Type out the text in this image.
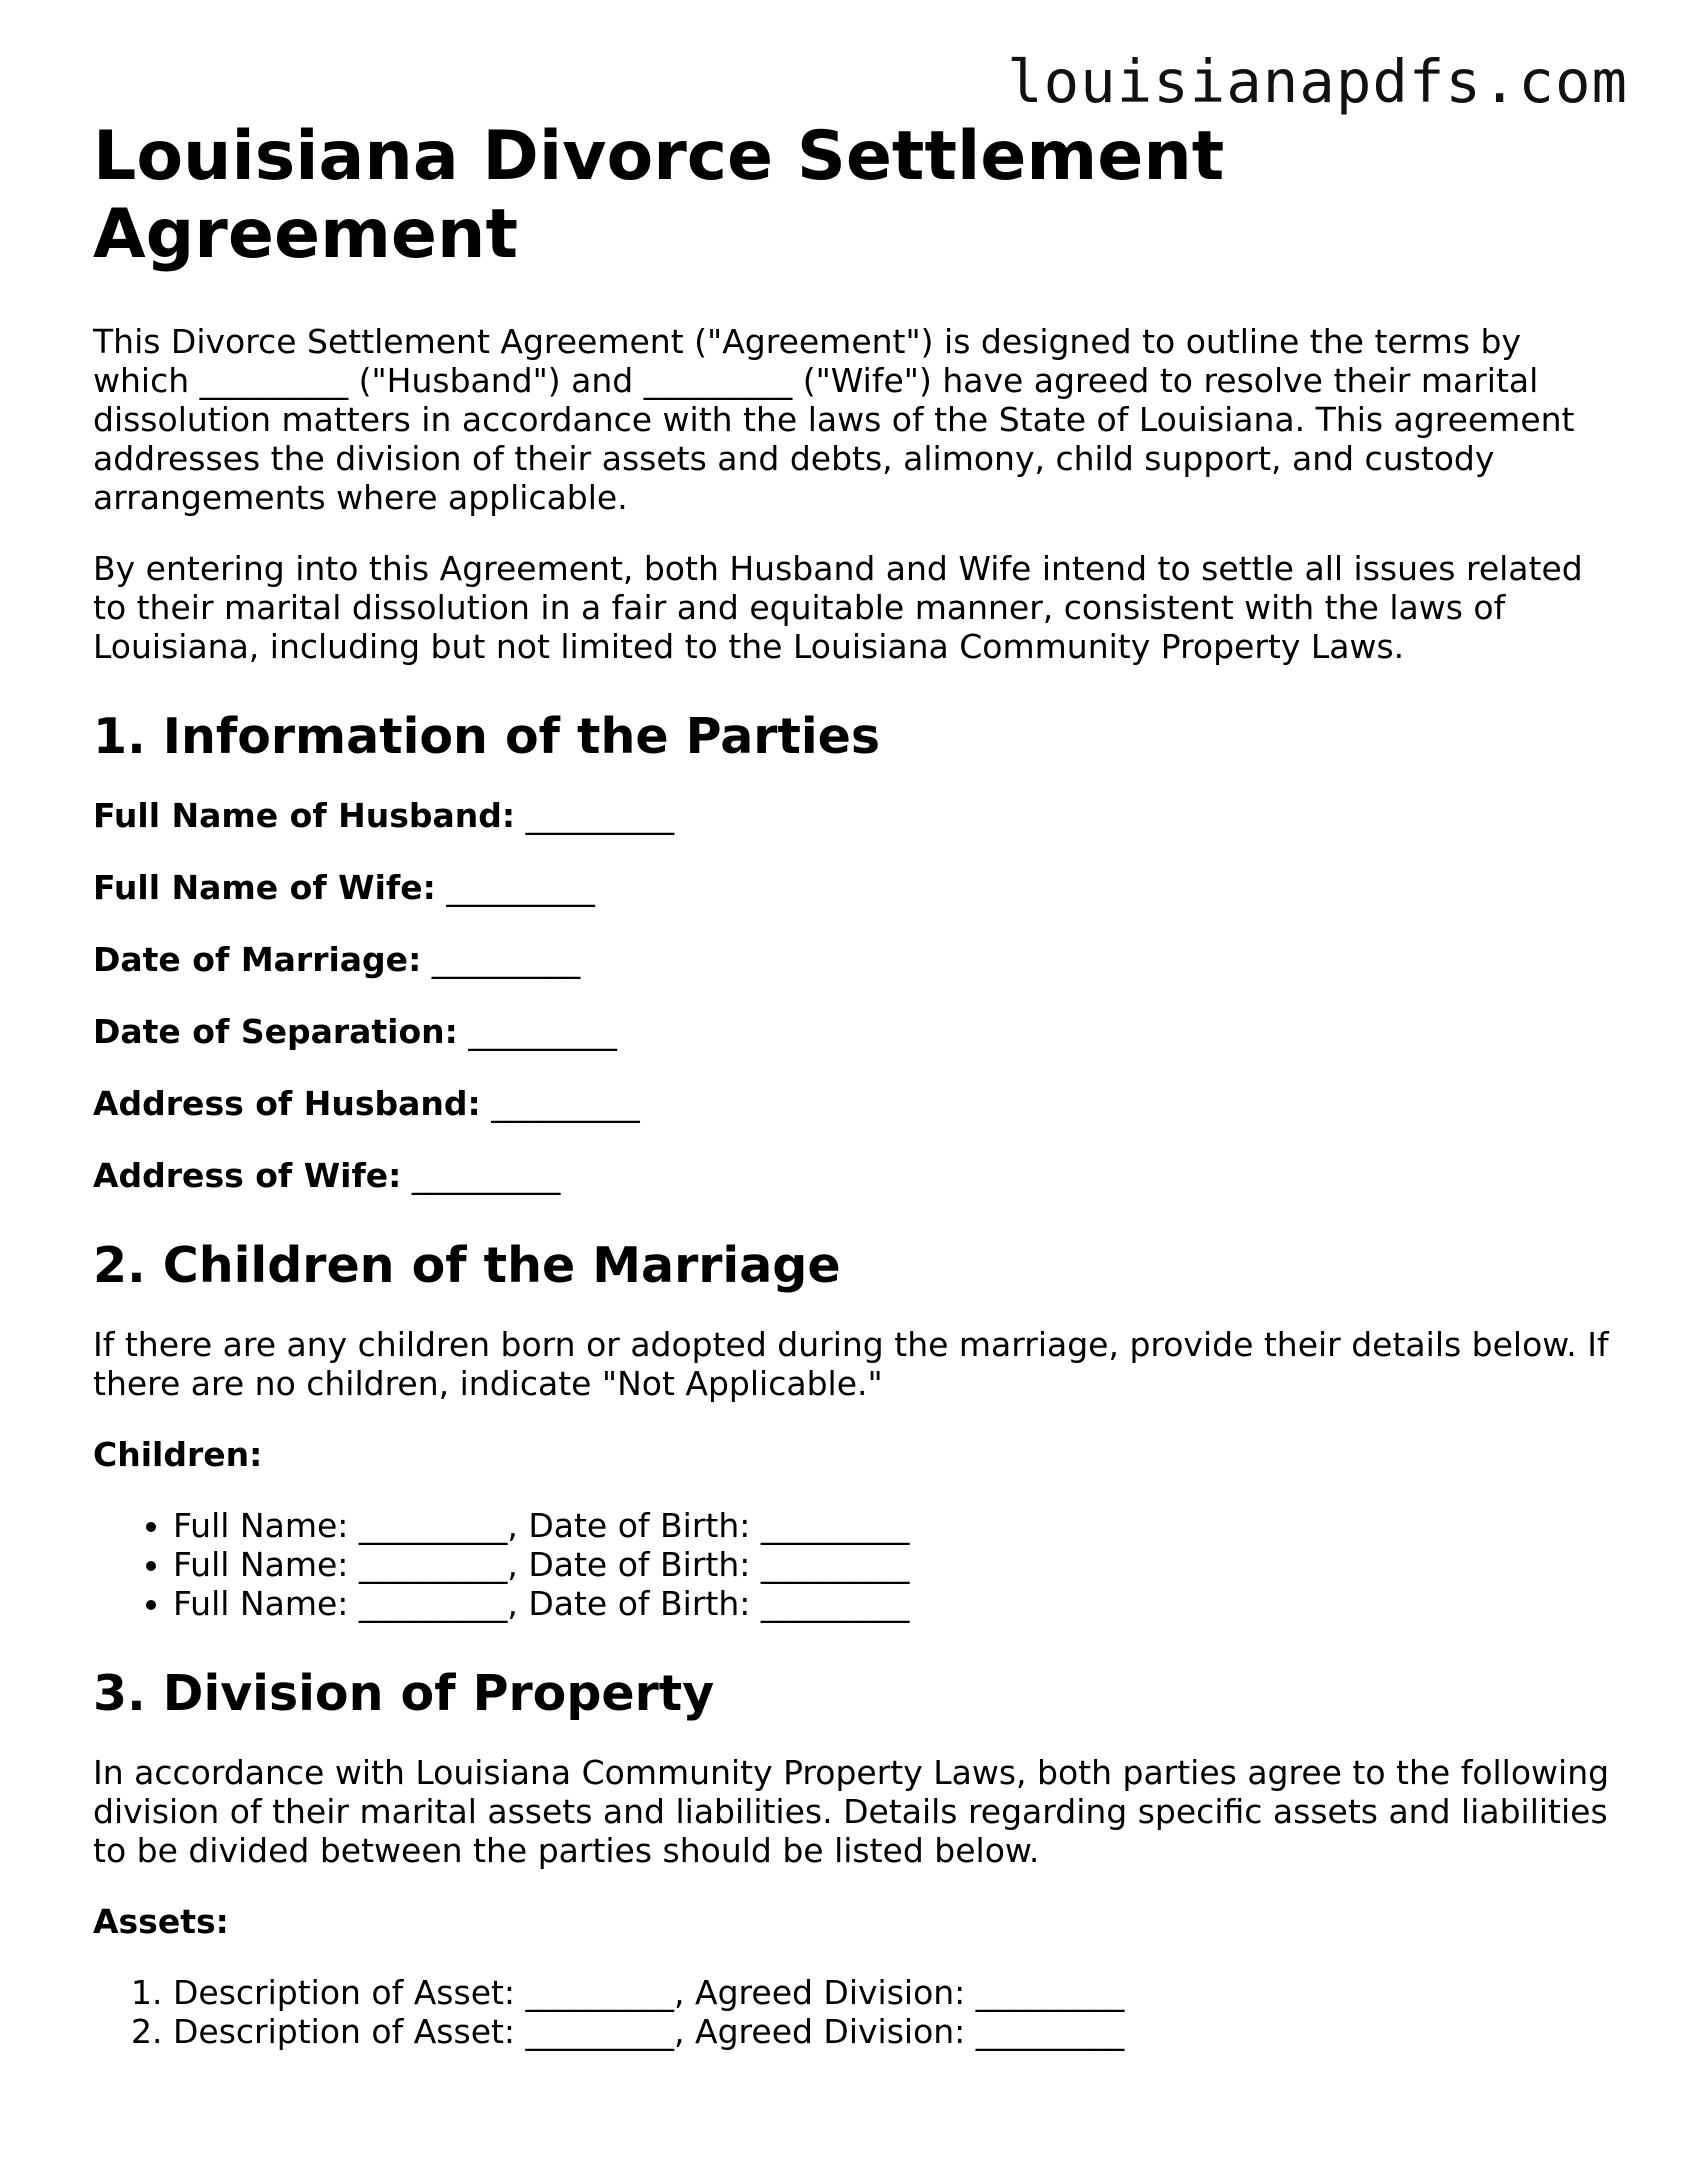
louisianapdfs.com
Louisiana Divorce Settlement Agreement

This Divorce Settlement Agreement ("Agreement") is designed to outline the terms by which _________ ("Husband") and _________ ("Wife") have agreed to resolve their marital dissolution matters in accordance with the laws of the State of Louisiana. This agreement addresses the division of their assets and debts, alimony, child support, and custody arrangements where applicable.

By entering into this Agreement, both Husband and Wife intend to settle all issues related to their marital dissolution in a fair and equitable manner, consistent with the laws of Louisiana, including but not limited to the Louisiana Community Property Laws.

1. Information of the Parties
Full Name of Husband: _________
Full Name of Wife: _________
Date of Marriage: _________
Date of Separation: _________
Address of Husband: _________
Address of Wife: _________
2. Children of the Marriage

If there are any children born or adopted during the marriage, provide their details below. If there are no children, indicate "Not Applicable."

Children:
• Full Name: _________, Date of Birth: _________
• Full Name: _________, Date of Birth: _________
• Full Name: _________, Date of Birth: _________
3. Division of Property

In accordance with Louisiana Community Property Laws, both parties agree to the following division of their marital assets and liabilities. Details regarding specific assets and liabilities to be divided between the parties should be listed below.

Assets:
1. Description of Asset: _________, Agreed Division: _________
2. Description of Asset: _________, Agreed Division: _________
